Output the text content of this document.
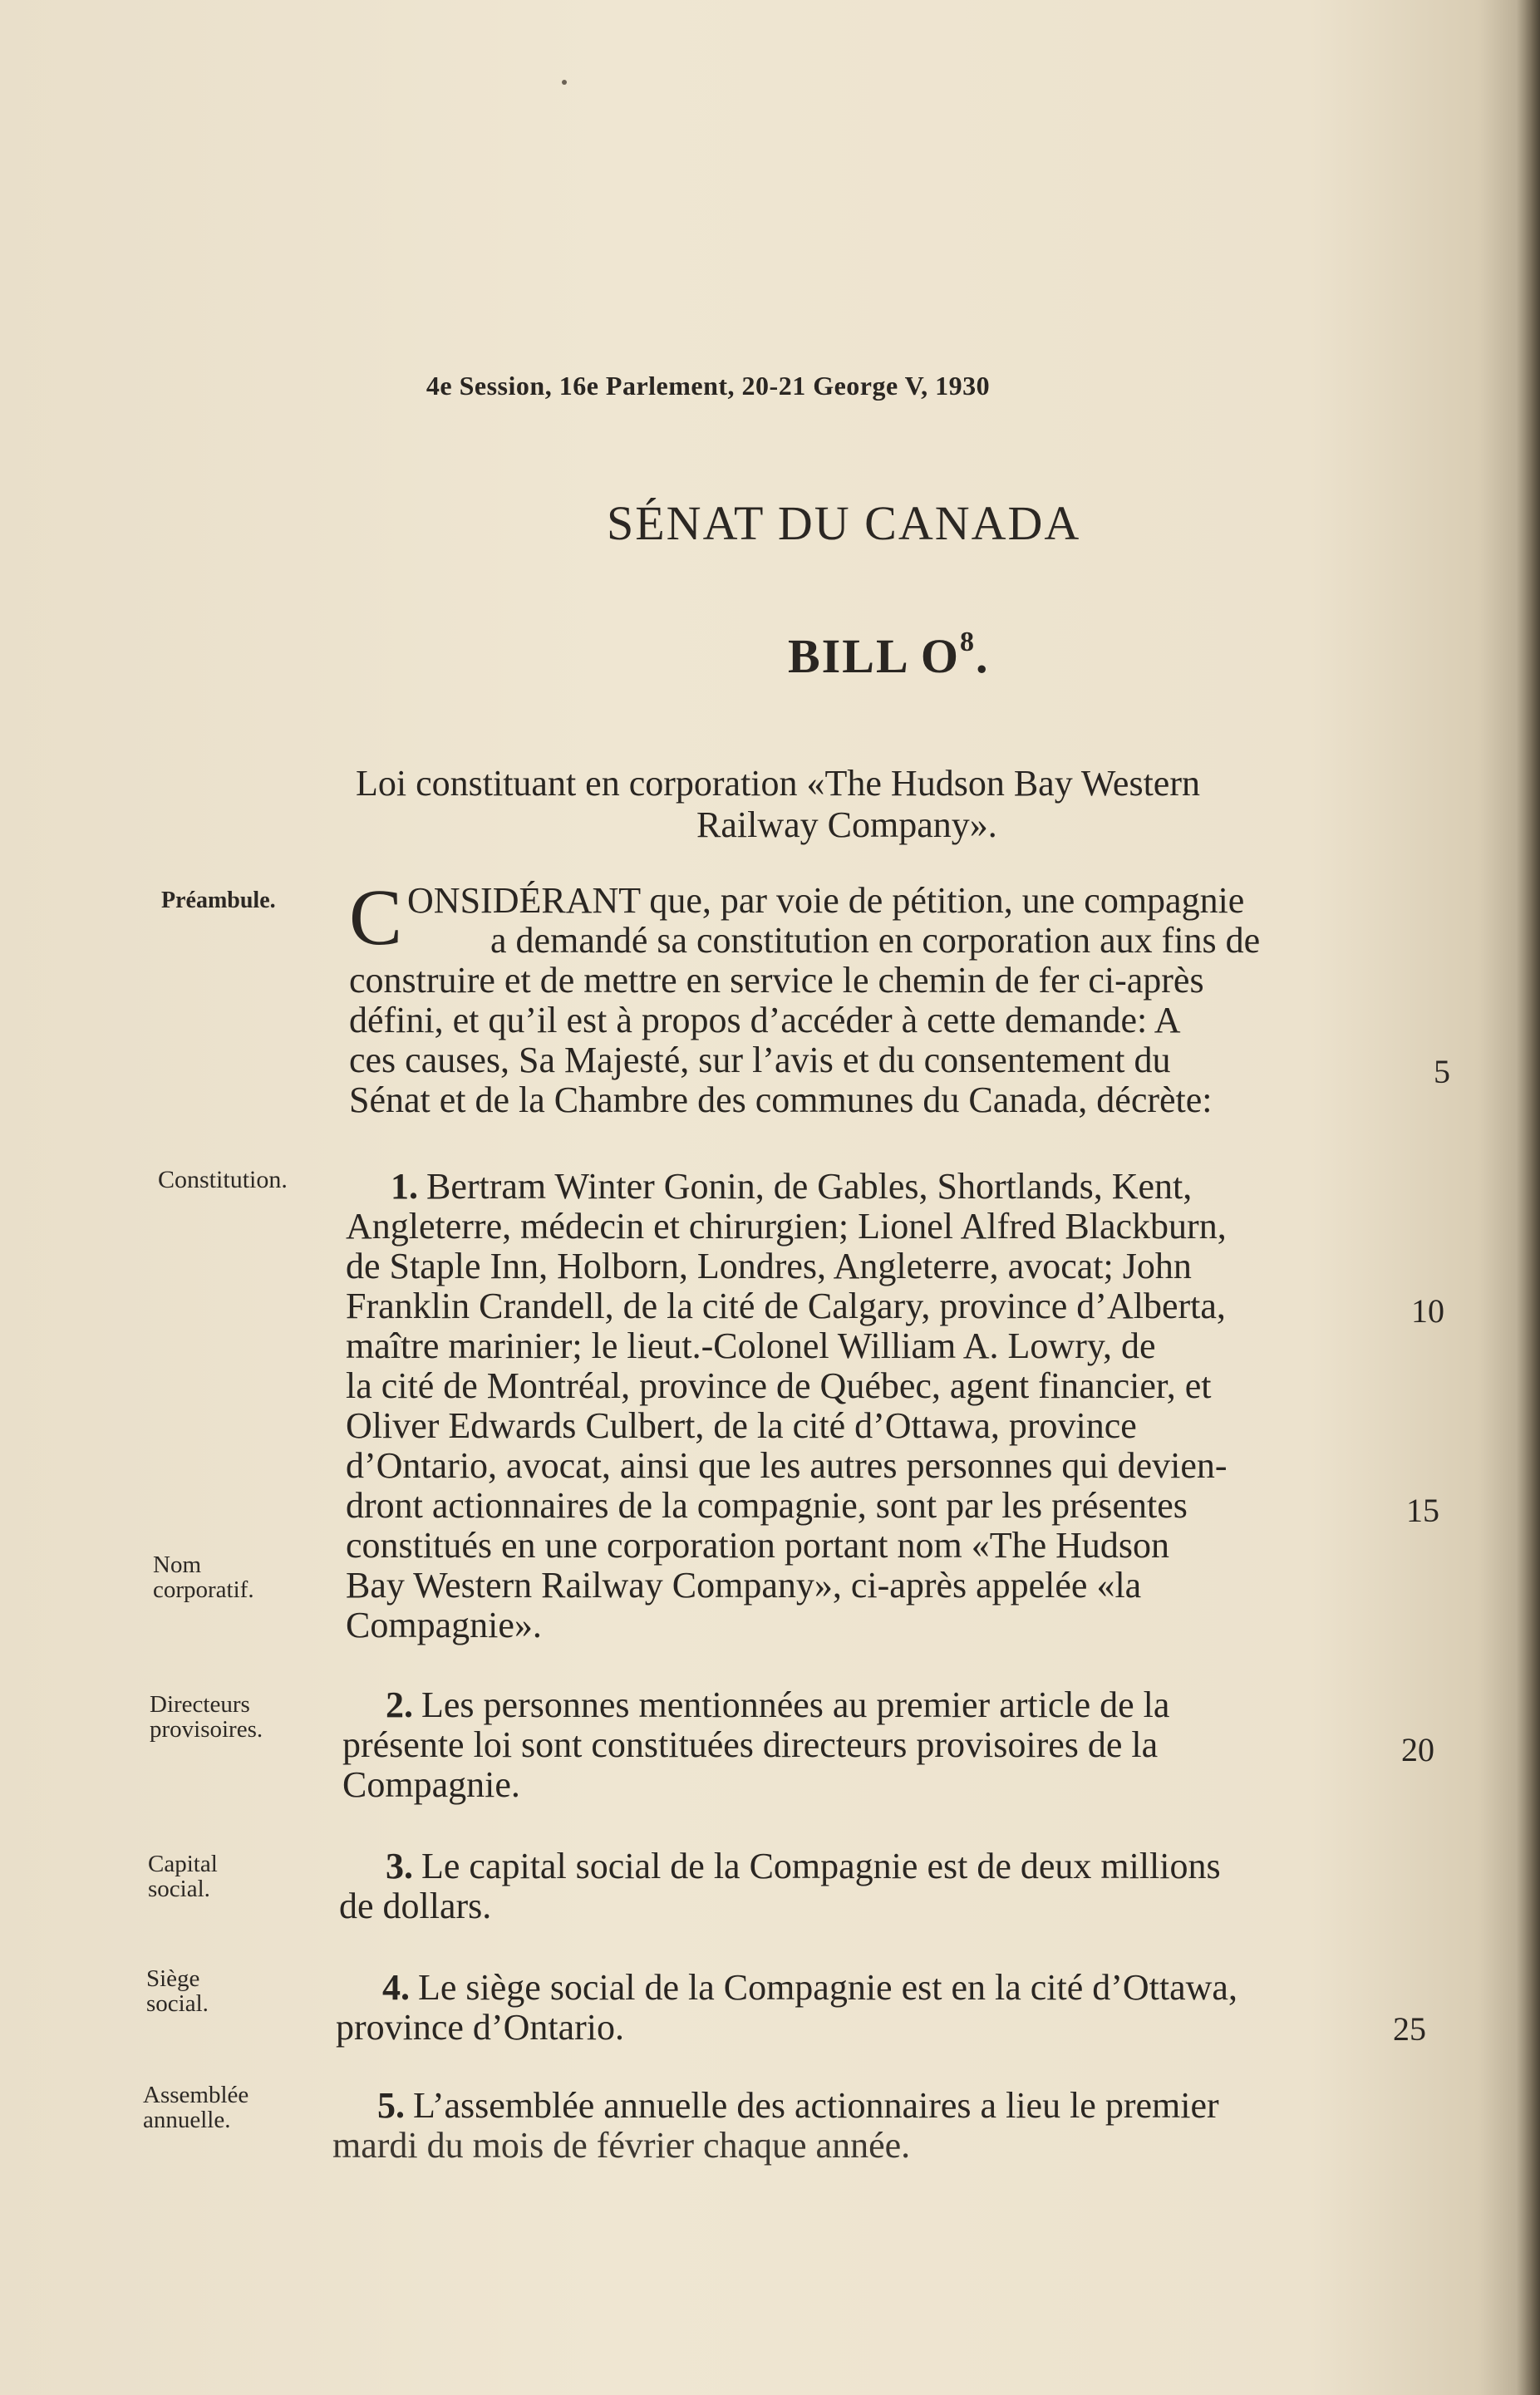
4e Session, 16e Parlement, 20-21 George V, 1930
SÉNAT DU CANADA
BILL $O^8$.
Loi constituant en corporation «The Hudson Bay Western
Railway Company».
Préambule.
Constitution.
Nom
corporatif.
Directeurs
provisoires.
Capital
social.
Siège
social.
Assemblée
annuelle.
C ONSIDÉRANT que, par voie de pétition, une compagnie
a demandé sa constitution en corporation aux fins de
construire et de mettre en service le chemin de fer ci-après
défini, et qu’il est à propos d’accéder à cette demande: A
ces causes, Sa Majesté, sur l’avis et du consentement du
Sénat et de la Chambre des communes du Canada, décrète:
1. Bertram Winter Gonin, de Gables, Shortlands, Kent,
Angleterre, médecin et chirurgien; Lionel Alfred Blackburn,
de Staple Inn, Holborn, Londres, Angleterre, avocat; John
Franklin Crandell, de la cité de Calgary, province d’Alberta,
maître marinier; le lieut.-Colonel William A. Lowry, de
la cité de Montréal, province de Québec, agent financier, et
Oliver Edwards Culbert, de la cité d’Ottawa, province
d’Ontario, avocat, ainsi que les autres personnes qui devien-
dront actionnaires de la compagnie, sont par les présentes
constitués en une corporation portant nom «The Hudson
Bay Western Railway Company», ci-après appelée «la
Compagnie».
2. Les personnes mentionnées au premier article de la
présente loi sont constituées directeurs provisoires de la
Compagnie.
3. Le capital social de la Compagnie est de deux millions
de dollars.
4. Le siège social de la Compagnie est en la cité d’Ottawa,
province d’Ontario.
5. L’assemblée annuelle des actionnaires a lieu le premier
mardi du mois de février chaque année.
5
10
15
20
25
